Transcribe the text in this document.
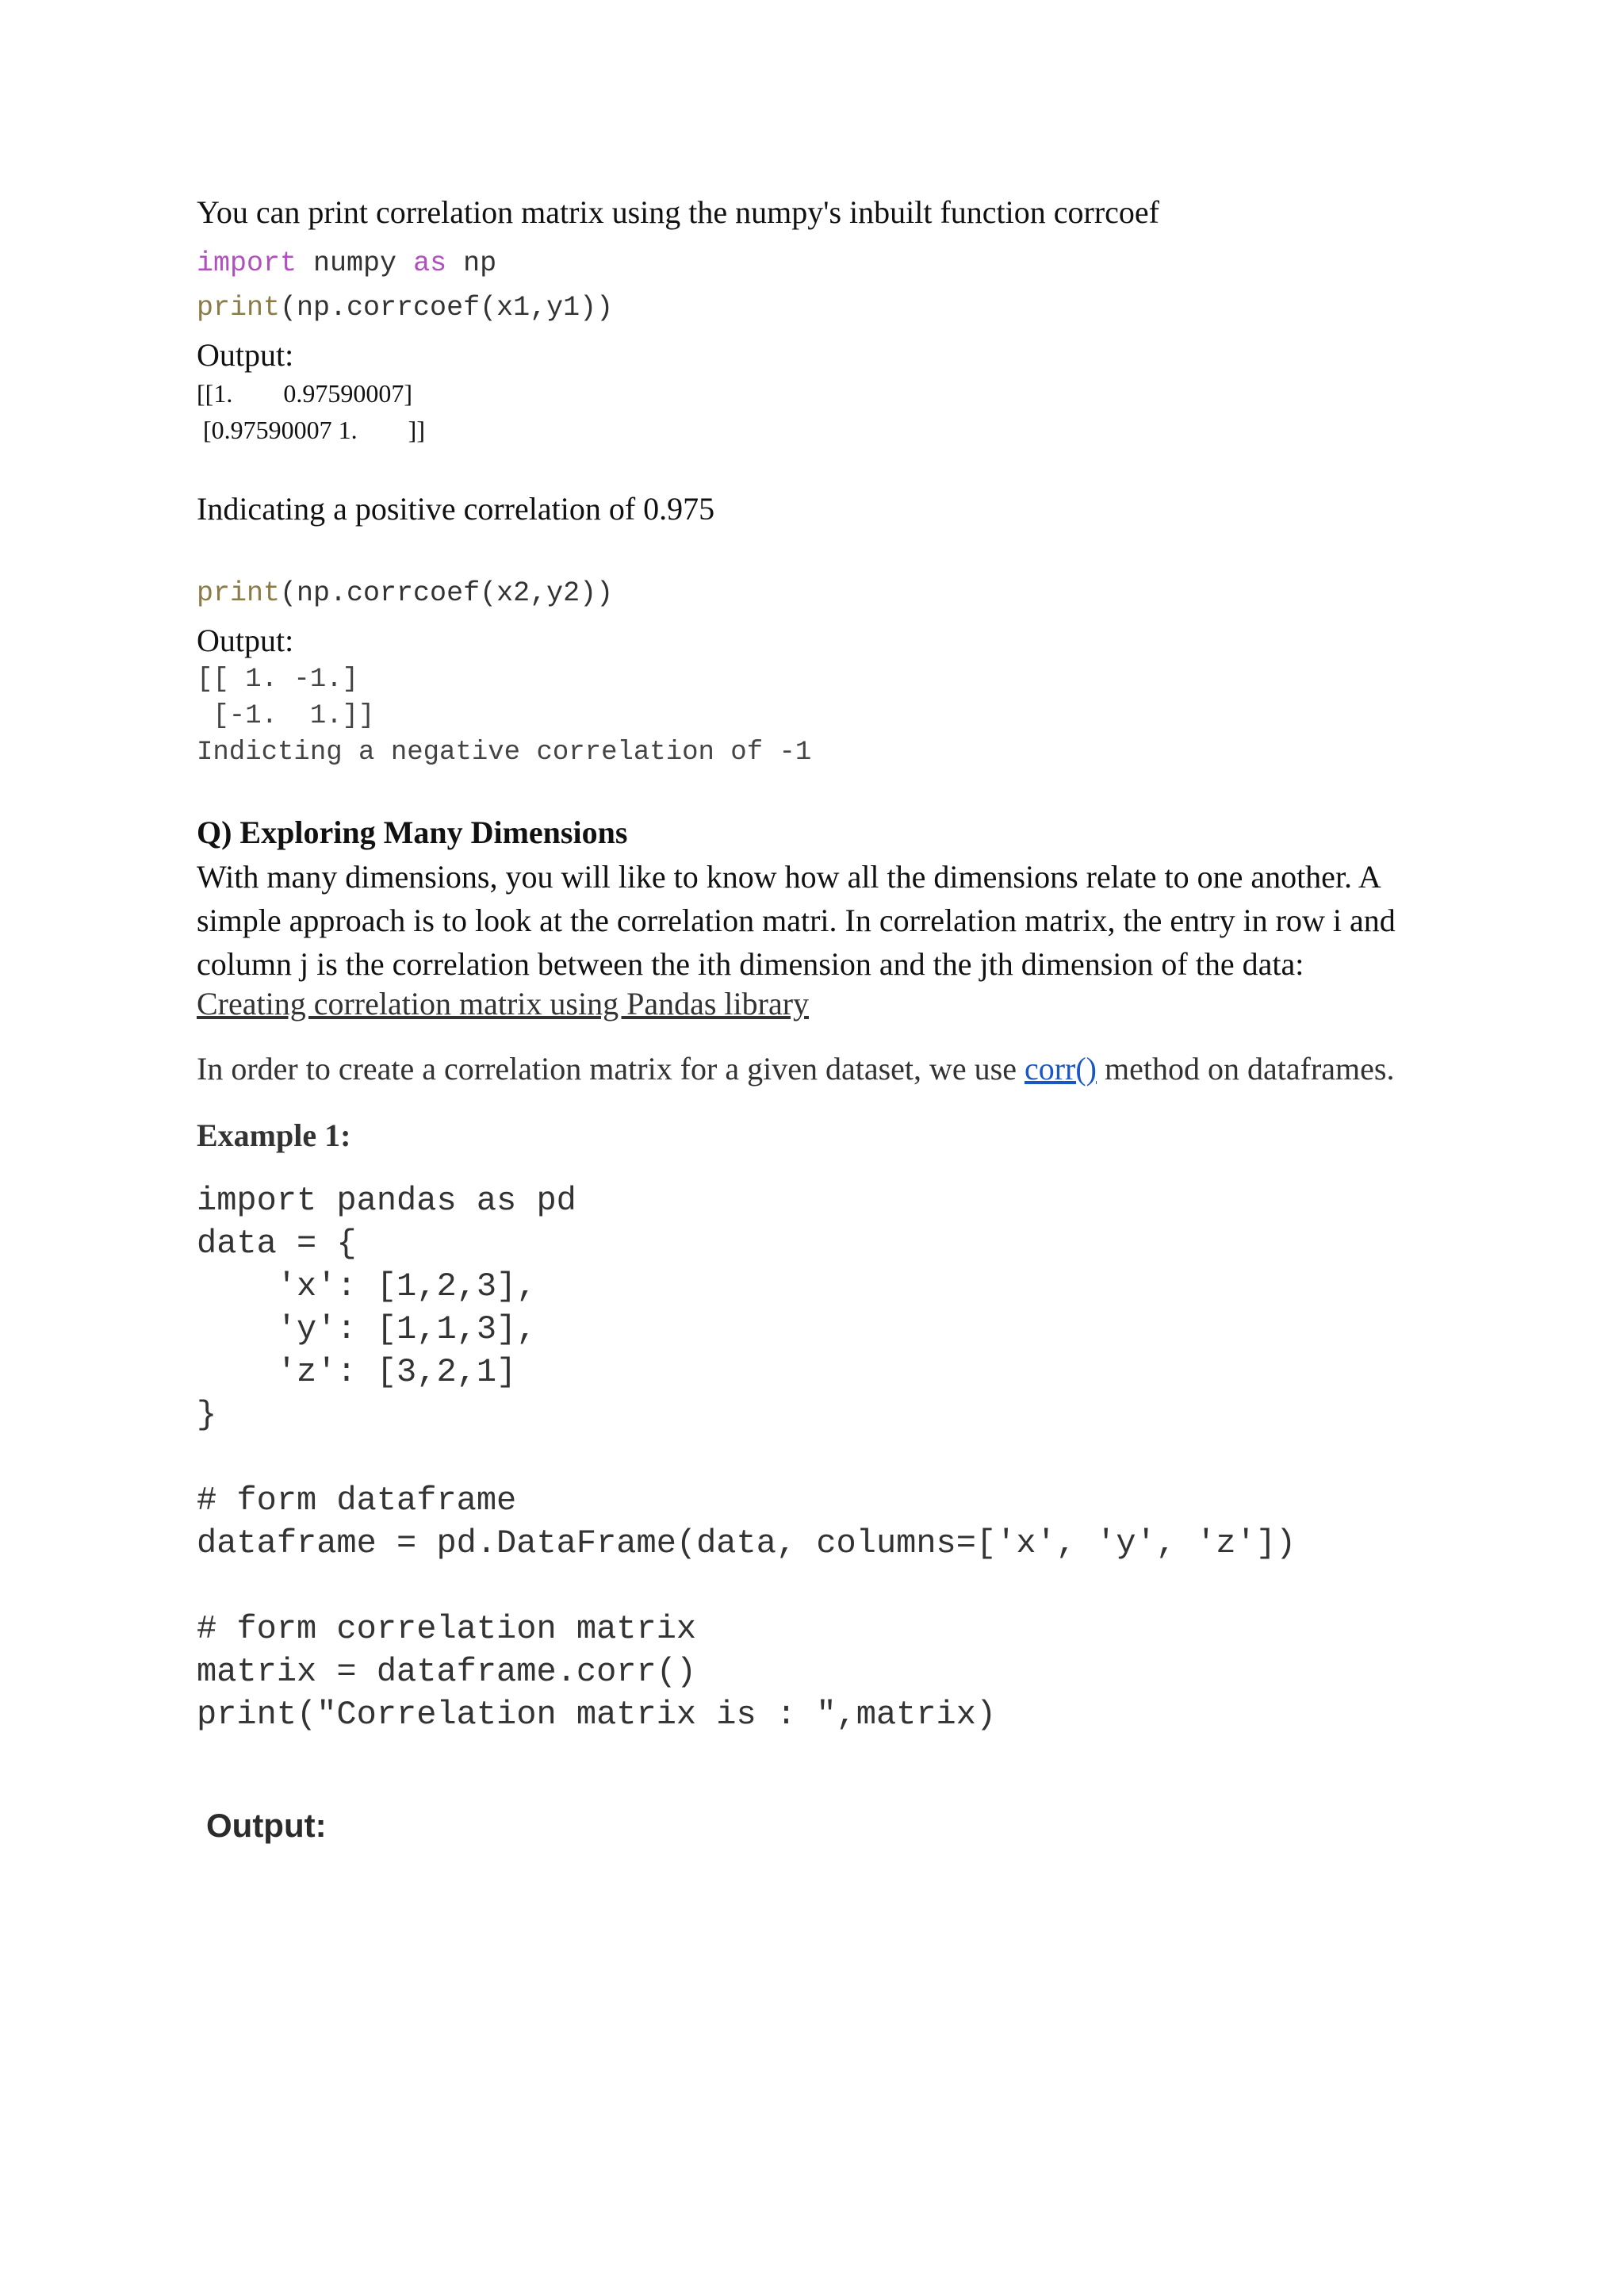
You can print correlation matrix using the numpy's inbuilt function corrcoef

import numpy as np
print(np.corrcoef(x1,y1))

Output:

[[1.        0.97590007]

[0.97590007 1.        ]]

Indicating a positive correlation of 0.975

print(np.corrcoef(x2,y2))

Output:

[[ 1. -1.]

[-1.  1.]]

Indicting a negative correlation of -1

Q) Exploring Many Dimensions

With many dimensions, you will like to know how all the dimensions relate to one another. A simple approach is to look at the correlation matri. In correlation matrix, the entry in row i and column j is the correlation between the ith dimension and the jth dimension of the data:

Creating correlation matrix using Pandas library

In order to create a correlation matrix for a given dataset, we use corr() method on dataframes.

Example 1:

import pandas as pd

data = {

'x': [1,2,3],

'y': [1,1,3],

'z': [3,2,1]

}

# form dataframe

dataframe = pd.DataFrame(data, columns=['x', 'y', 'z'])

# form correlation matrix

matrix = dataframe.corr()

print("Correlation matrix is : ",matrix)

Output:
